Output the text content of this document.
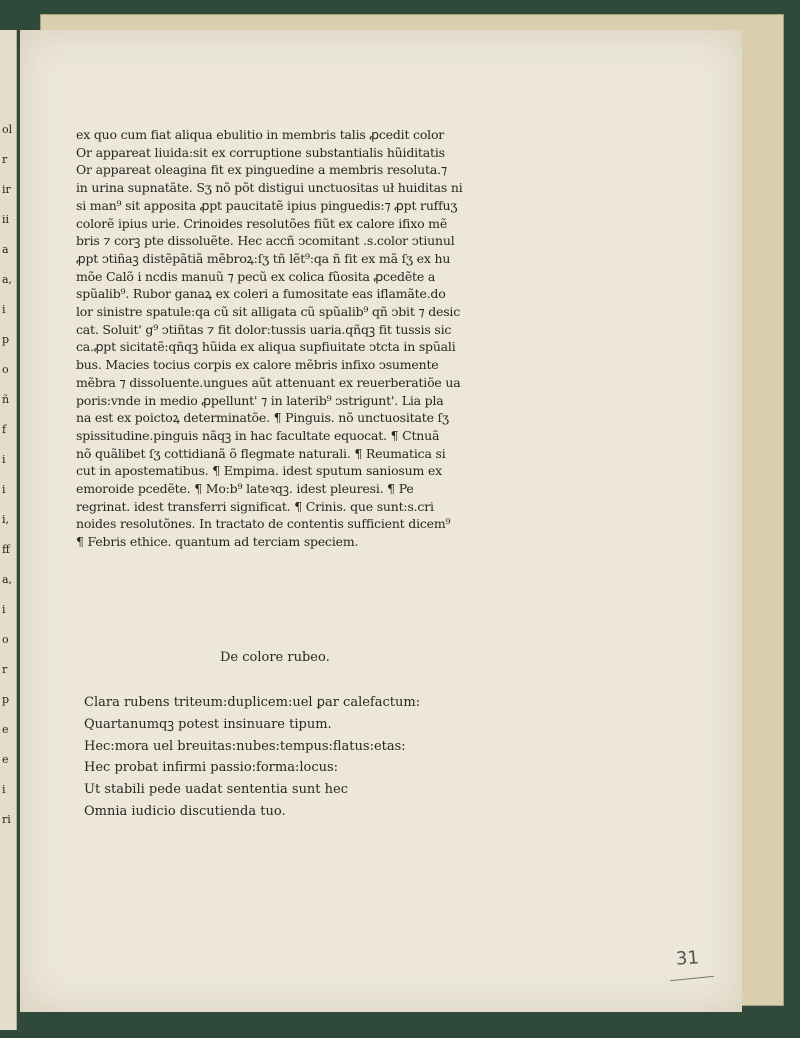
ol
r
ir
ii
a
a,
i
p
o
ñ
f
i
i
i,
ff
a,
i
o
r
p
e
e
i
ri
ex quo cum fiat aliqua ebulitio in membris talis ꝓcedit color
Or appareat liuida:sit ex corruptione substantialis hũiditatis
Or appareat oleagina fit ex pinguedine a membris resoluta.⁊
in urina supnatãte. Sʒ nõ põt distigui unctuositas uł huiditas ni
si man⁹ sit apposita ꝓpt paucitatẽ ipius pinguedis:⁊ ꝓpt ruffuʒ
colorẽ ipius urie. Crinoides resolutões fiũt ex calore ifixo mẽ
bris ⁊ corꝫ pte dissoluẽte. Hec accñ ↄcomitant .s.color ↄtiunul
ꝓpt ↄtiñaꝫ distẽpãtiã mẽbroꝝ:ſʒ tñ lẽt⁹:qa ñ fit ex mã ſʒ ex hu
mõe Calõ i ncdis manuũ ⁊ pecũ ex colica fũosita ꝓcedẽte a
spũalib⁹. Rubor ganaꝝ ex coleri a fumositate eas iflamãte.do
lor sinistre spatule:qa cũ sit alligata cũ spũalib⁹ qñ ↄbit ⁊ desic
cat. Soluit' g⁹ ↄtiñtas ⁊ fit dolor:tussis uaria.qñqꝫ fit tussis sic
ca.ꝓpt sicitatẽ:qñqꝫ hũida ex aliqua supfiuitate ↄtcta in spũali
bus. Macies tocius corpis ex calore mẽbris infixo ↄsumente
mẽbra ⁊ dissoluente.ungues aũt attenuant ex reuerberatiõe ua
poris:vnde in medio ꝓpellunt' ⁊ in laterib⁹ ↄstrigunt'. Lia pla
na est ex poictoꝝ determinatõe. ¶ Pinguis. nõ unctuositate ſʒ
spissitudine.pinguis nãqꝫ in hac facultate equocat. ¶ Ctnuã
nõ quãlibet ſʒ cottidianã õ flegmate naturali. ¶ Reumatica si
cut in apostematibus. ¶ Empima. idest sputum saniosum ex
emoroide pcedẽte. ¶ Mo:b⁹ lateꝛqꝫ. idest pleuresi. ¶ Pe
regrinat. idest transferri significat. ¶ Crinis. que sunt:s.cri
noides resolutõnes. In tractato de contentis sufficient dicem⁹
¶ Febris ethice. quantum ad terciam speciem.
De colore rubeo.
Clara rubens triteum:duplicem:uel ꝑar calefactum:
Quartanumqꝫ potest insinuare tipum.
Hec:mora uel breuitas:nubes:tempus:flatus:etas:
Hec probat infirmi passio:forma:locus:
Ut stabili pede uadat sententia sunt hec
Omnia iudicio discutienda tuo.
31
